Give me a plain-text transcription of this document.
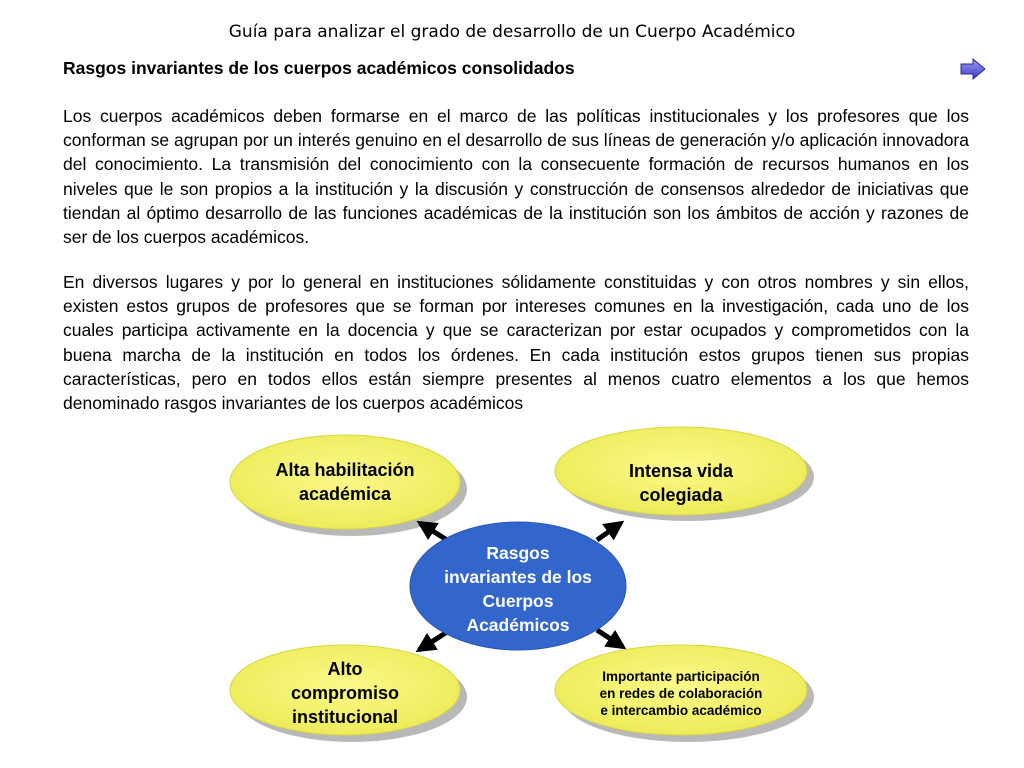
Guía para analizar el grado de desarrollo de un Cuerpo Académico
Rasgos invariantes de los cuerpos académicos consolidados

Los cuerpos académicos deben formarse en el marco de las políticas institucionales y los profesores que los conforman se agrupan por un interés genuino en el desarrollo de sus líneas de generación y/o aplicación innovadora del conocimiento. La transmisión del conocimiento con la consecuente formación de recursos humanos en los niveles que le son propios a la institución y la discusión y construcción de consensos alrededor de iniciativas que tiendan al óptimo desarrollo de las funciones académicas de la institución son los ámbitos de acción y razones de ser de los cuerpos académicos.

En diversos lugares y por lo general en instituciones sólidamente constituidas y con otros nombres y sin ellos, existen estos grupos de profesores que se forman por intereses comunes en la investigación, cada uno de los cuales participa activamente en la docencia y que se caracterizan por estar ocupados y comprometidos con la buena marcha de la institución en todos los órdenes. En cada institución estos grupos tienen sus propias características, pero en todos ellos están siempre presentes al menos cuatro elementos a los que hemos denominado rasgos invariantes de los cuerpos académicos

Alta habilitación académica
Intensa vida colegiada
Alto compromiso institucional
Importante participación en redes de colaboración e intercambio académico
Rasgos invariantes de los Cuerpos Académicos
